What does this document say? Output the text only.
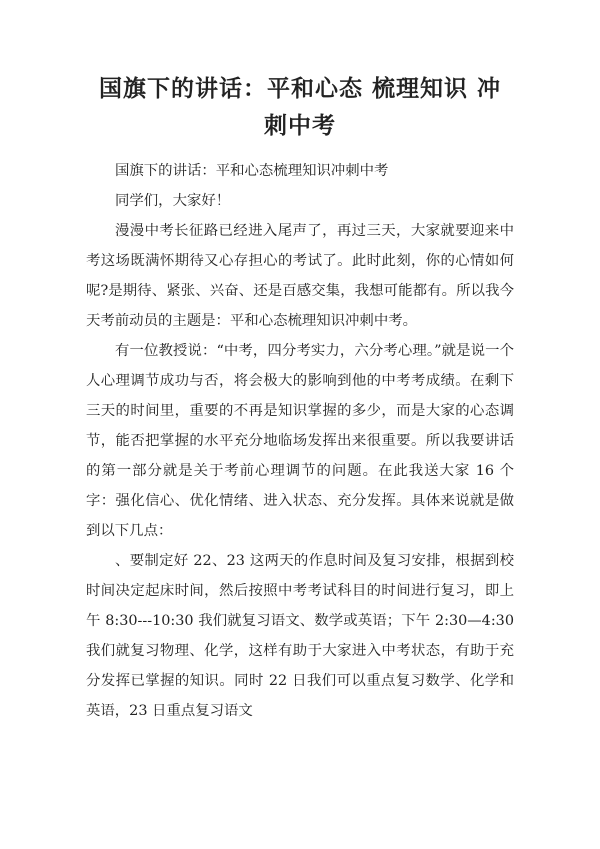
国旗下的讲话：平和心态 梳理知识 冲
刺中考

国旗下的讲话：平和心态梳理知识冲刺中考

同学们，大家好！

漫漫中考长征路已经进入尾声了，再过三天，大家就要迎来中考这场既满怀期待又心存担心的考试了。此时此刻，你的心情如何呢?是期待、紧张、兴奋、还是百感交集，我想可能都有。所以我今天考前动员的主题是：平和心态梳理知识冲刺中考。

有一位教授说：“中考，四分考实力，六分考心理。”就是说一个人心理调节成功与否，将会极大的影响到他的中考考成绩。在剩下三天的时间里，重要的不再是知识掌握的多少，而是大家的心态调节，能否把掌握的水平充分地临场发挥出来很重要。所以我要讲话的第一部分就是关于考前心理调节的问题。在此我送大家 16 个字：强化信心、优化情绪、进入状态、充分发挥。具体来说就是做到以下几点：

、要制定好 22、23 这两天的作息时间及复习安排，根据到校时间决定起床时间，然后按照中考考试科目的时间进行复习，即上午 8:30---10:30 我们就复习语文、数学或英语；下午 2:30—4:30 我们就复习物理、化学，这样有助于大家进入中考状态，有助于充分发挥已掌握的知识。同时 22 日我们可以重点复习数学、化学和英语，23 日重点复习语文
